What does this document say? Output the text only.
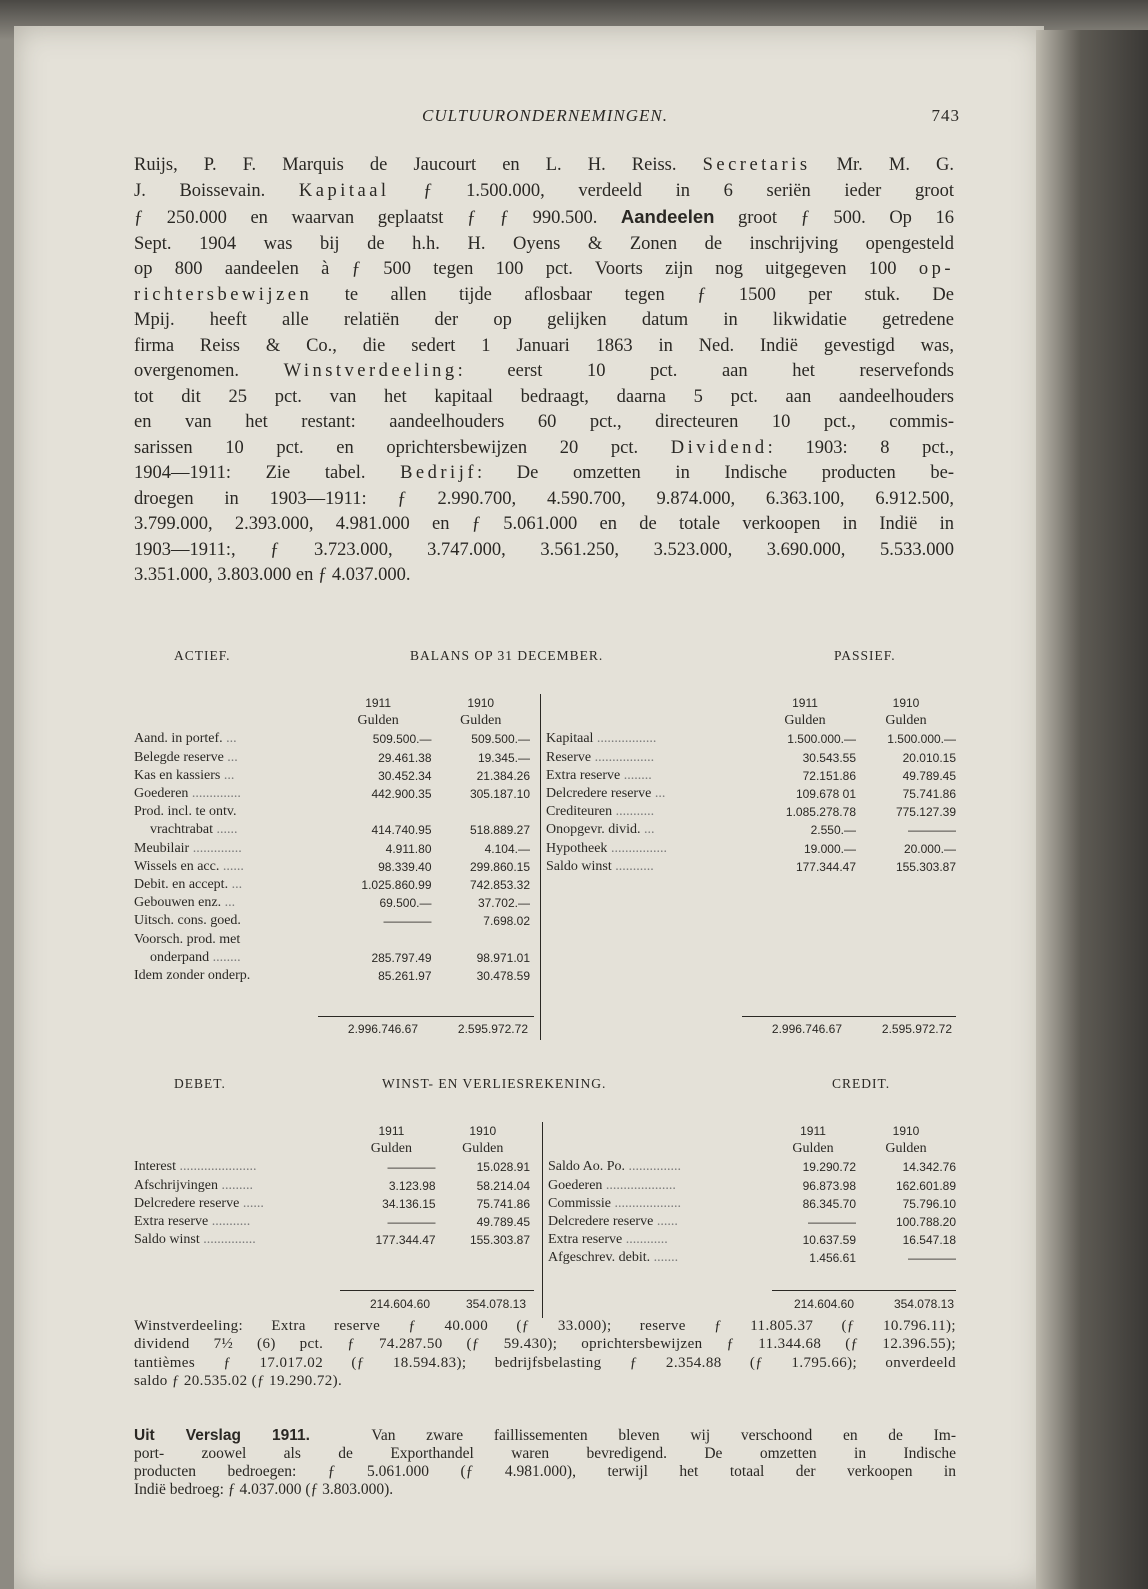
CULTUURONDERNEMINGEN.	743
Ruijs, P. F. Marquis de Jaucourt en L. H. Reiss. Secretaris Mr. M. G.
J. Boissevain. Kapitaal ƒ 1.500.000, verdeeld in 6 seriën ieder groot
ƒ 250.000 en waarvan geplaatst ƒ ƒ 990.500. Aandeelen groot ƒ 500. Op 16
Sept. 1904 was bij de h.h. H. Oyens & Zonen de inschrijving opengesteld
op 800 aandeelen à ƒ 500 tegen 100 pct. Voorts zijn nog uitgegeven 100 op-
richtersbewijzen te allen tijde aflosbaar tegen ƒ 1500 per stuk. De
Mpij. heeft alle relatiën der op gelijken datum in likwidatie getredene
firma Reiss & Co., die sedert 1 Januari 1863 in Ned. Indië gevestigd was,
overgenomen. Winstverdeeling: eerst 10 pct. aan het reservefonds
tot dit 25 pct. van het kapitaal bedraagt, daarna 5 pct. aan aandeelhouders
en van het restant: aandeelhouders 60 pct., directeuren 10 pct., commis-
sarissen 10 pct. en oprichtersbewijzen 20 pct. Dividend: 1903: 8 pct.,
1904—1911: Zie tabel. Bedrijf: De omzetten in Indische producten be-
droegen in 1903—1911: ƒ 2.990.700, 4.590.700, 9.874.000, 6.363.100, 6.912.500,
3.799.000, 2.393.000, 4.981.000 en ƒ 5.061.000 en de totale verkoopen in Indië in
1903—1911:, ƒ 3.723.000, 3.747.000, 3.561.250, 3.523.000, 3.690.000, 5.533.000
3.351.000, 3.803.000 en ƒ 4.037.000.
ACTIEF.	BALANS OP 31 DECEMBER.	PASSIEF.
	1911	1910
	Gulden	Gulden
Aand. in portef. ...	509.500.—	509.500.—
Belegde reserve ...	29.461.38	19.345.—
Kas en kassiers ...	30.452.34	21.384.26
Goederen ..............	442.900.35	305.187.10
Prod. incl. te ontv.		
vrachtrabat ......	414.740.95	518.889.27
Meubilair ..............	4.911.80	4.104.—
Wissels en acc. ......	98.339.40	299.860.15
Debit. en accept. ...	1.025.860.99	742.853.32
Gebouwen enz. ...	69.500.—	37.702.—
Uitsch. cons. goed.	————	7.698.02
Voorsch. prod. met		
onderpand ........	285.797.49	98.971.01
Idem zonder onderp.	85.261.97	30.478.59
	1911	1910
	Gulden	Gulden
Kapitaal .................	1.500.000.—	1.500.000.—
Reserve .................	30.543.55	20.010.15
Extra reserve ........	72.151.86	49.789.45
Delcredere reserve ...	109.678 01	75.741.86
Crediteuren ...........	1.085.278.78	775.127.39
Onopgevr. divid. ...	2.550.—	————
Hypotheek ................	19.000.—	20.000.—
Saldo winst ...........	177.344.47	155.303.87
2.996.746.67	2.595.972.72	2.996.746.67	2.595.972.72
DEBET.	WINST- EN VERLIESREKENING.	CREDIT.
	1911	1910
	Gulden	Gulden
Interest ......................	————	15.028.91
Afschrijvingen .........	3.123.98	58.214.04
Delcredere reserve ......	34.136.15	75.741.86
Extra reserve ...........	————	49.789.45
Saldo winst ...............	177.344.47	155.303.87
	1911	1910
	Gulden	Gulden
Saldo Ao. Po. ...............	19.290.72	14.342.76
Goederen ....................	96.873.98	162.601.89
Commissie ...................	86.345.70	75.796.10
Delcredere reserve ......	————	100.788.20
Extra reserve ............	10.637.59	16.547.18
Afgeschrev. debit. .......	1.456.61	————
214.604.60	354.078.13	214.604.60	354.078.13
Winstverdeeling: Extra reserve ƒ 40.000 (ƒ 33.000); reserve ƒ 11.805.37 (ƒ 10.796.11);
dividend 7½ (6) pct. ƒ 74.287.50 (ƒ 59.430); oprichtersbewijzen ƒ 11.344.68 (ƒ 12.396.55);
tantièmes ƒ 17.017.02 (ƒ 18.594.83); bedrijfsbelasting ƒ 2.354.88 (ƒ 1.795.66); onverdeeld
saldo ƒ 20.535.02 (ƒ 19.290.72).
Uit Verslag 1911.	Van zware faillissementen bleven wij verschoond en de Im-
port- zoowel als de Exporthandel waren bevredigend. De omzetten in Indische
producten bedroegen: ƒ 5.061.000 (ƒ 4.981.000), terwijl het totaal der verkoopen in
Indië bedroeg: ƒ 4.037.000 (ƒ 3.803.000).
